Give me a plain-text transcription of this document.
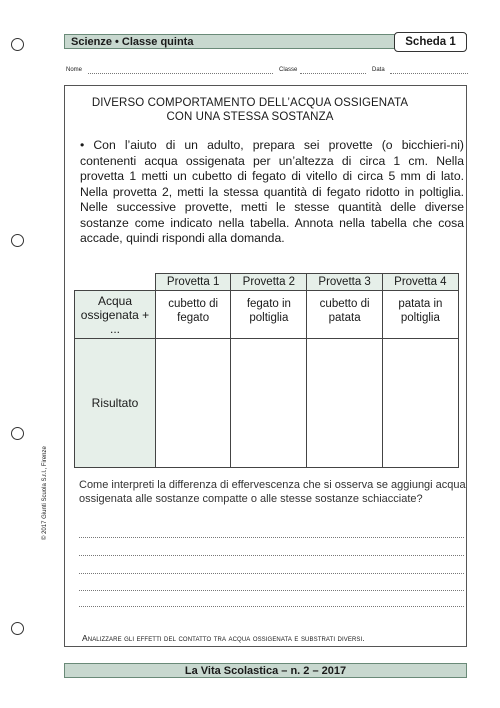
Scienze • Classe quinta	Scheda 1
Nome	Classe	Data
DIVERSO COMPORTAMENTO DELL’ACQUA OSSIGENATA
CON UNA STESSA SOSTANZA

• Con l’aiuto di un adulto, prepara sei provette (o bicchieri-ni) contenenti acqua ossigenata per un’altezza di circa 1 cm. Nella provetta 1 metti un cubetto di fegato di vitello di circa 5 mm di lato. Nella provetta 2, metti la stessa quantità di fegato ridotto in poltiglia. Nelle successive provette, metti le stesse quantità delle diverse sostanze come indicato nella tabella. Annota nella tabella che cosa accade, quindi rispondi alla domanda.

© 2017 Giunti Scuola S.r.l., Firenze
	Provetta 1	Provetta 2	Provetta 3	Provetta 4
Acqua ossigenata + ...	cubetto di fegato	fegato in poltiglia	cubetto di patata	patata in poltiglia
Risultato				

Come interpreti la differenza di effervescenza che si osserva se aggiungi acqua ossigenata alle sostanze compatte o alle stesse sostanze schiacciate?

Analizzare gli effetti del contatto tra acqua ossigenata e substrati diversi.
La Vita Scolastica – n. 2 – 2017
